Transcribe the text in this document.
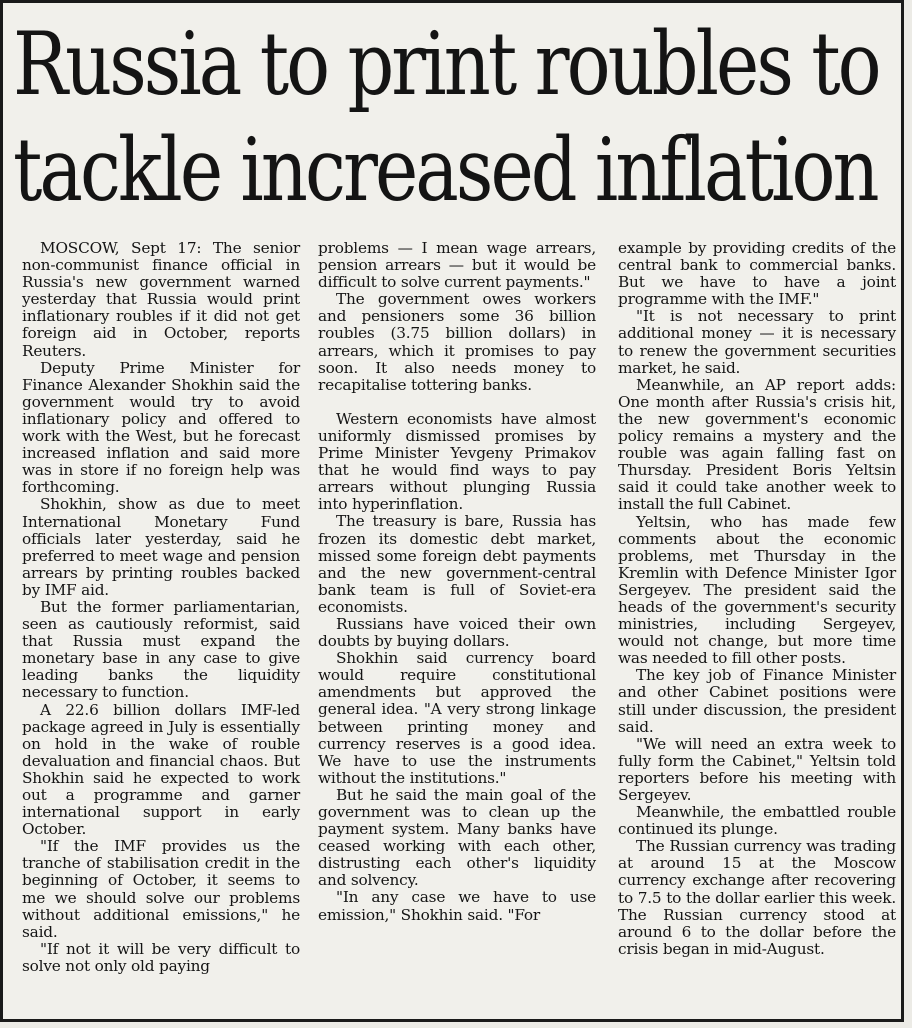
Russia to print roubles to
tackle increased inflation

MOSCOW, Sept 17: The senior non-communist finance official in Russia's new government warned yesterday that Russia would print inflationary roubles if it did not get foreign aid in October, reports Reuters.

Deputy Prime Minister for Finance Alexander Shokhin said the government would try to avoid inflationary policy and offered to work with the West, but he forecast increased inflation and said more was in store if no foreign help was forthcoming.

Shokhin, show as due to meet International Monetary Fund officials later yesterday, said he preferred to meet wage and pension arrears by printing roubles backed by IMF aid.

But the former parliamentarian, seen as cautiously reformist, said that Russia must expand the monetary base in any case to give leading banks the liquidity necessary to function.

A 22.6 billion dollars IMF-led package agreed in July is essentially on hold in the wake of rouble devaluation and financial chaos. But Shokhin said he expected to work out a programme and garner international support in early October.

"If the IMF provides us the tranche of stabilisation credit in the beginning of October, it seems to me we should solve our problems without additional emissions," he said.

"If not it will be very difficult to solve not only old paying

problems — I mean wage arrears, pension arrears — but it would be difficult to solve current payments."

The government owes workers and pensioners some 36 billion roubles (3.75 billion dollars) in arrears, which it promises to pay soon. It also needs money to recapitalise tottering banks.

Western economists have almost uniformly dismissed promises by Prime Minister Yevgeny Primakov that he would find ways to pay arrears without plunging Russia into hyperinflation.

The treasury is bare, Russia has frozen its domestic debt market, missed some foreign debt payments and the new government-central bank team is full of Soviet-era economists.

Russians have voiced their own doubts by buying dollars.

Shokhin said currency board would require constitutional amendments but approved the general idea. "A very strong linkage between printing money and currency reserves is a good idea. We have to use the instruments without the institutions."

But he said the main goal of the government was to clean up the payment system. Many banks have ceased working with each other, distrusting each other's liquidity and solvency.

"In any case we have to use emission," Shokhin said. "For

example by providing credits of the central bank to commercial banks. But we have to have a joint programme with the IMF."

"It is not necessary to print additional money — it is necessary to renew the government securities market, he said.

Meanwhile, an AP report adds: One month after Russia's crisis hit, the new government's economic policy remains a mystery and the rouble was again falling fast on Thursday. President Boris Yeltsin said it could take another week to install the full Cabinet.

Yeltsin, who has made few comments about the economic problems, met Thursday in the Kremlin with Defence Minister Igor Sergeyev. The president said the heads of the government's security ministries, including Sergeyev, would not change, but more time was needed to fill other posts.

The key job of Finance Minister and other Cabinet positions were still under discussion, the president said.

"We will need an extra week to fully form the Cabinet," Yeltsin told reporters before his meeting with Sergeyev.

Meanwhile, the embattled rouble continued its plunge.

The Russian currency was trading at around 15 at the Moscow currency exchange after recovering to 7.5 to the dollar earlier this week. The Russian currency stood at around 6 to the dollar before the crisis began in mid-August.
